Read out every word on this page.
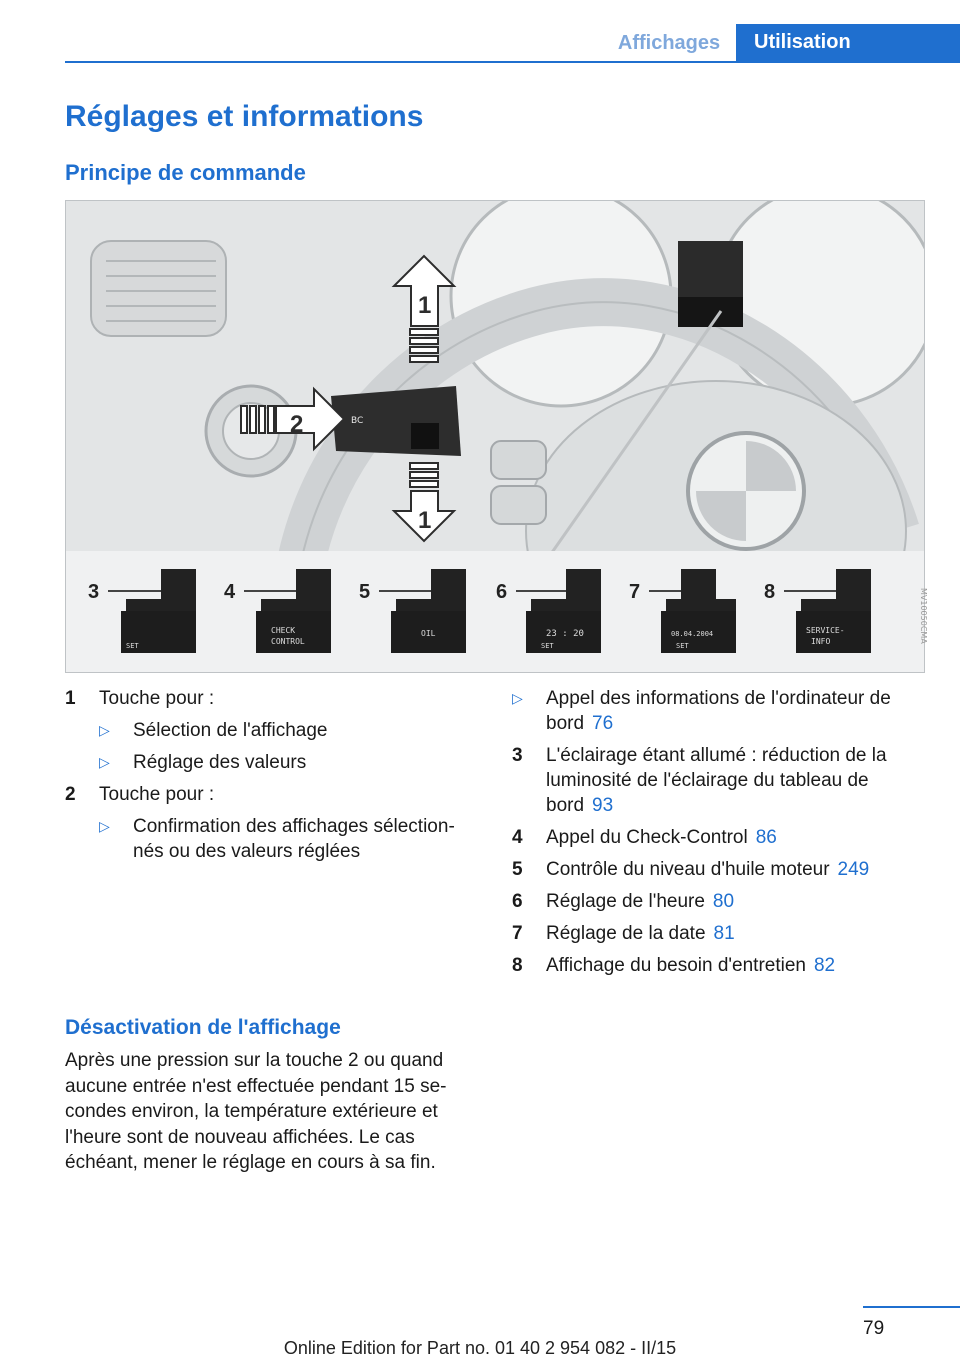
Affichages	Utilisation
Réglages et informations
Principe de commande
BC
1
2
1
3
SET
4
CHECK
CONTROL
5
OIL
6
23 : 20
SET
7
08.04.2004
SET
8
SERVICE-
INFO	MV10050CMA
1 Touche pour :
▷ Sélection de l'affichage
▷ Réglage des valeurs
2 Touche pour :
▷ Confirmation des affichages sélection‐nés ou des valeurs réglées
▷ Appel des informations de l'ordinateur de bord 76
3 L'éclairage étant allumé : réduction de la luminosité de l'éclairage du tableau de bord 93
4 Appel du Check-Control 86
5 Contrôle du niveau d'huile moteur 249
6 Réglage de l'heure 80
7 Réglage de la date 81
8 Affichage du besoin d'entretien 82
Désactivation de l'affichage
Après une pression sur la touche 2 ou quand aucune entrée n'est effectuée pendant 15 se‐condes environ, la température extérieure et l'heure sont de nouveau affichées. Le cas échéant, mener le réglage en cours à sa fin.
79
Online Edition for Part no. 01 40 2 954 082 - II/15
